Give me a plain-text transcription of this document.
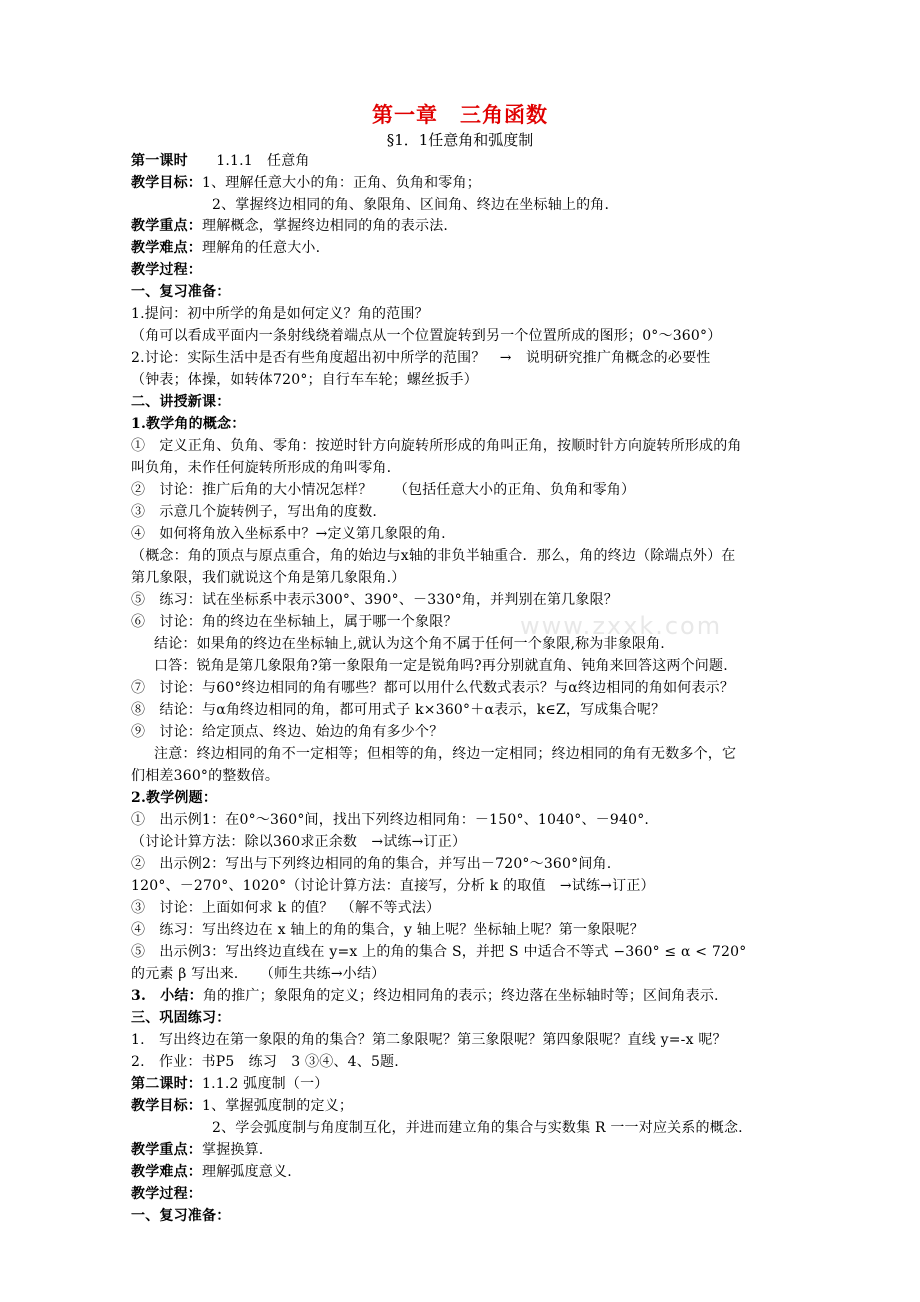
第一章　三角函数
§1．1任意角和弧度制
www.zxxk.com
第一课时　　1.1.1　任意角
教学目标：1、理解任意大小的角：正角、负角和零角；
2、掌握终边相同的角、象限角、区间角、终边在坐标轴上的角.
教学重点：理解概念，掌握终边相同的角的表示法.
教学难点：理解角的任意大小.
教学过程：
一、复习准备：
1.提问：初中所学的角是如何定义？角的范围？
（角可以看成平面内一条射线绕着端点从一个位置旋转到另一个位置所成的图形；0°～360°）
2.讨论：实际生活中是否有些角度超出初中所学的范围？　→　说明研究推广角概念的必要性
（钟表；体操，如转体720°；自行车车轮；螺丝扳手）
二、讲授新课：
1.教学角的概念：
①　定义正角、负角、零角：按逆时针方向旋转所形成的角叫正角，按顺时针方向旋转所形成的角
叫负角，未作任何旋转所形成的角叫零角.
②　讨论：推广后角的大小情况怎样？　　（包括任意大小的正角、负角和零角）
③　示意几个旋转例子，写出角的度数.
④　如何将角放入坐标系中？→定义第几象限的角.
（概念：角的顶点与原点重合，角的始边与x轴的非负半轴重合．那么，角的终边（除端点外）在
第几象限，我们就说这个角是第几象限角.）
⑤　练习：试在坐标系中表示300°、390°、－330°角，并判别在第几象限？
⑥　讨论：角的终边在坐标轴上，属于哪一个象限？
结论：如果角的终边在坐标轴上,就认为这个角不属于任何一个象限,称为非象限角.
口答：锐角是第几象限角?第一象限角一定是锐角吗?再分别就直角、钝角来回答这两个问题.
⑦　讨论：与60°终边相同的角有哪些？都可以用什么代数式表示？与α终边相同的角如何表示？
⑧　结论：与α角终边相同的角，都可用式子 k×360°＋α表示，k∈Z，写成集合呢？
⑨　讨论：给定顶点、终边、始边的角有多少个？
注意：终边相同的角不一定相等；但相等的角，终边一定相同；终边相同的角有无数多个，它
们相差360°的整数倍。
2.教学例题：
①　出示例1：在0°～360°间，找出下列终边相同角：－150°、1040°、－940°.
（讨论计算方法：除以360求正余数　→试练→订正）
②　出示例2：写出与下列终边相同的角的集合，并写出－720°～360°间角.
120°、－270°、1020°（讨论计算方法：直接写，分析 k 的取值　→试练→订正）
③　讨论：上面如何求 k 的值？　（解不等式法）
④　练习：写出终边在 x 轴上的角的集合，y 轴上呢？坐标轴上呢？第一象限呢？
⑤　出示例3：写出终边直线在 y=x 上的角的集合 S，并把 S 中适合不等式 −360° ≤ α < 720°
的元素 β 写出来.　　（师生共练→小结）
3.　小结：角的推广；象限角的定义；终边相同角的表示；终边落在坐标轴时等；区间角表示.
三、巩固练习：
1.　写出终边在第一象限的角的集合？第二象限呢？第三象限呢？第四象限呢？直线 y=-x 呢？
2.　作业：书P5　练习　3 ③④、4、5题.
第二课时：1.1.2 弧度制（一）
教学目标：1、掌握弧度制的定义；
2、学会弧度制与角度制互化，并进而建立角的集合与实数集 R 一一对应关系的概念.
教学重点：掌握换算.
教学难点：理解弧度意义.
教学过程：
一、复习准备：
